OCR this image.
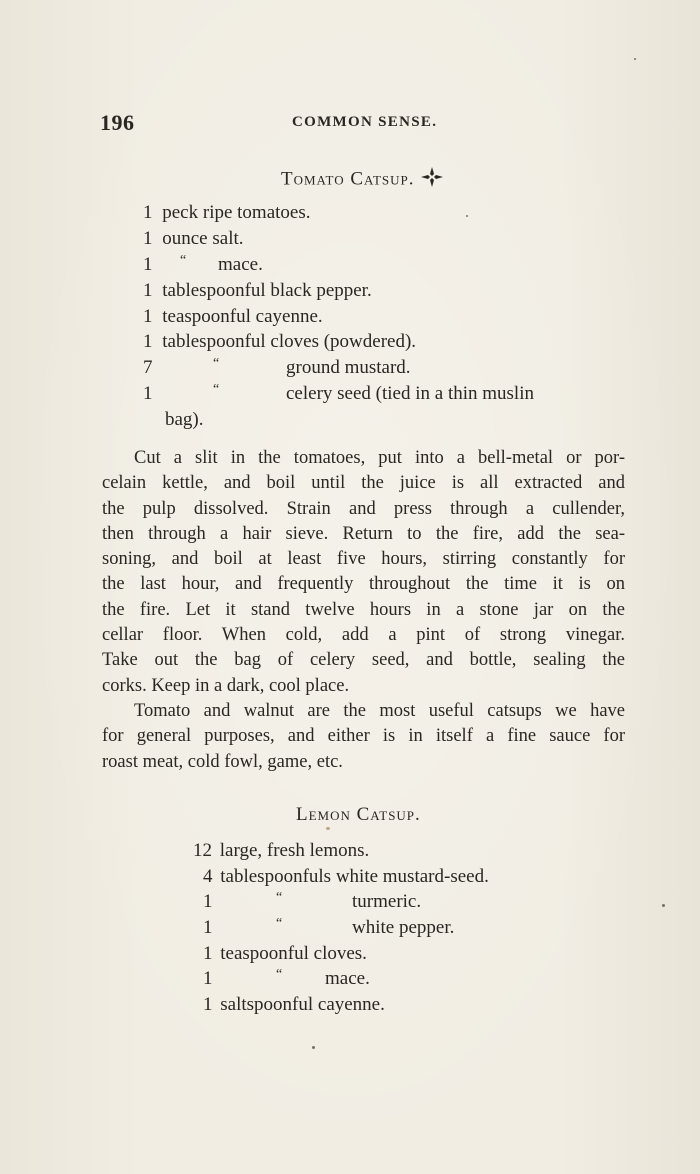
196	COMMON SENSE.
Tomato Catsup.
1 peck ripe tomatoes.
1 ounce salt.
1 “ mace.
1 tablespoonful black pepper.
1 teaspoonful cayenne.
1 tablespoonful cloves (powdered).
7	“	ground mustard.
1	“	celery seed (tied in a thin muslin
bag).
Cut a slit in the tomatoes, put into a bell-metal or por-
celain kettle, and boil until the juice is all extracted and
the pulp dissolved. Strain and press through a cullender,
then through a hair sieve. Return to the fire, add the sea-
soning, and boil at least five hours, stirring constantly for
the last hour, and frequently throughout the time it is on
the fire. Let it stand twelve hours in a stone jar on the
cellar floor. When cold, add a pint of strong vinegar.
Take out the bag of celery seed, and bottle, sealing the
corks. Keep in a dark, cool place.
Tomato and walnut are the most useful catsups we have
for general purposes, and either is in itself a fine sauce for
roast meat, cold fowl, game, etc.
Lemon Catsup.
12 large, fresh lemons.
4 tablespoonfuls white mustard-seed.
1	“	turmeric.
1	“	white pepper.
1 teaspoonful cloves.
1	“ mace.
1 saltspoonful cayenne.
